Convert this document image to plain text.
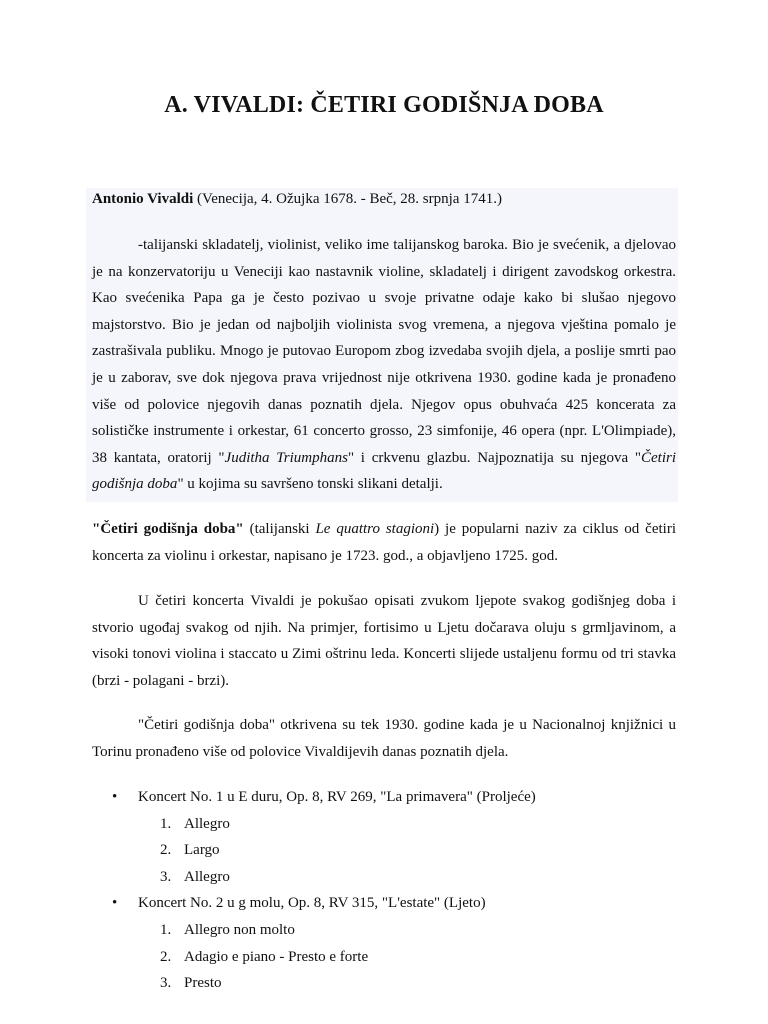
A. VIVALDI: ČETIRI GODIŠNJA DOBA

Antonio Vivaldi (Venecija, 4. Ožujka 1678. - Beč, 28. srpnja 1741.)

-talijanski skladatelj, violinist, veliko ime talijanskog baroka. Bio je svećenik, a djelovao je na konzervatoriju u Veneciji kao nastavnik violine, skladatelj i dirigent zavodskog orkestra. Kao svećenika Papa ga je često pozivao u svoje privatne odaje kako bi slušao njegovo majstorstvo. Bio je jedan od najboljih violinista svog vremena, a njegova vještina pomalo je zastrašivala publiku. Mnogo je putovao Europom zbog izvedaba svojih djela, a poslije smrti pao je u zaborav, sve dok njegova prava vrijednost nije otkrivena 1930. godine kada je pronađeno više od polovice njegovih danas poznatih djela. Njegov opus obuhvaća 425 koncerata za solističke instrumente i orkestar, 61 concerto grosso, 23 simfonije, 46 opera (npr. L'Olimpiade), 38 kantata, oratorij "Juditha Triumphans" i crkvenu glazbu. Najpoznatija su njegova "Četiri godišnja doba" u kojima su savršeno tonski slikani detalji.

"Četiri godišnja doba" (talijanski Le quattro stagioni) je popularni naziv za ciklus od četiri koncerta za violinu i orkestar, napisano je 1723. god., a objavljeno 1725. god.

U četiri koncerta Vivaldi je pokušao opisati zvukom ljepote svakog godišnjeg doba i stvorio ugođaj svakog od njih. Na primjer, fortisimo u Ljetu dočarava oluju s grmljavinom, a visoki tonovi violina i staccato u Zimi oštrinu leda. Koncerti slijede ustaljenu formu od tri stavka (brzi - polagani - brzi).

"Četiri godišnja doba" otkrivena su tek 1930. godine kada je u Nacionalnoj knjižnici u Torinu pronađeno više od polovice Vivaldijevih danas poznatih djela.

• Koncert No. 1 u E duru, Op. 8, RV 269, "La primavera" (Proljeće)
1. Allegro
2. Largo
3. Allegro
• Koncert No. 2 u g molu, Op. 8, RV 315, "L'estate" (Ljeto)
1. Allegro non molto
2. Adagio e piano - Presto e forte
3. Presto
